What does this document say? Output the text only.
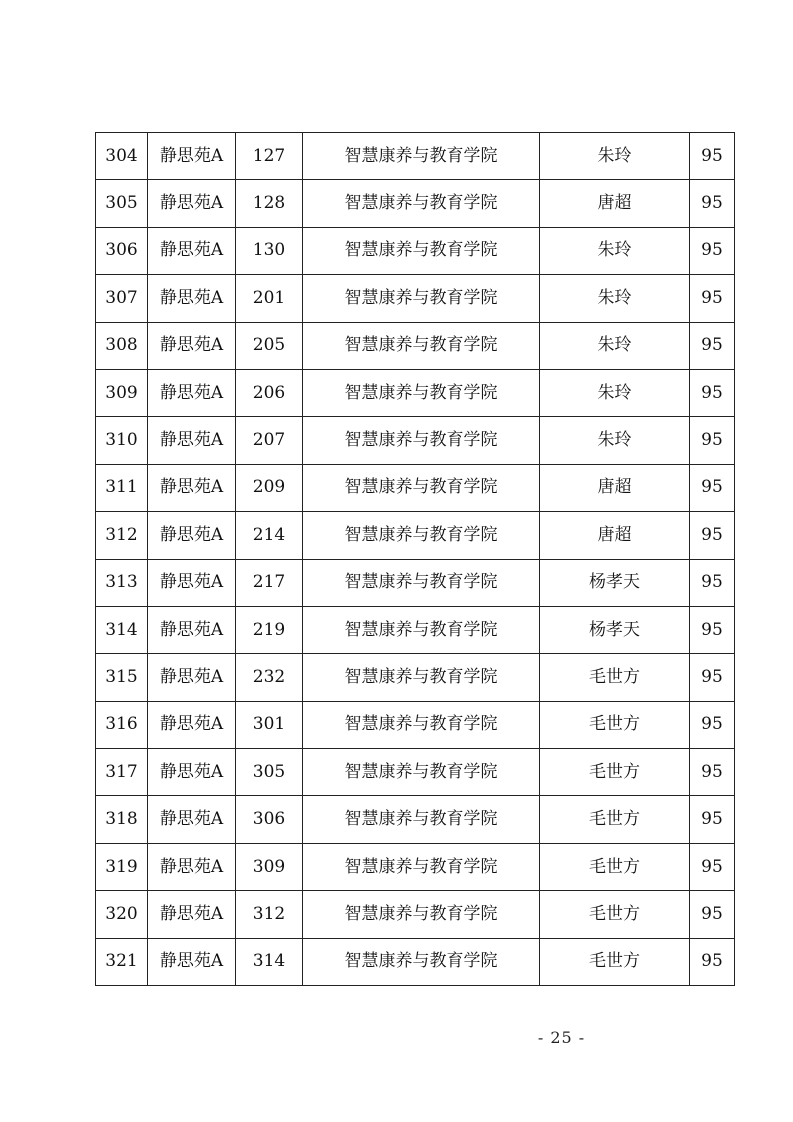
304	静思苑A	127	智慧康养与教育学院	朱玲	95
305	静思苑A	128	智慧康养与教育学院	唐超	95
306	静思苑A	130	智慧康养与教育学院	朱玲	95
307	静思苑A	201	智慧康养与教育学院	朱玲	95
308	静思苑A	205	智慧康养与教育学院	朱玲	95
309	静思苑A	206	智慧康养与教育学院	朱玲	95
310	静思苑A	207	智慧康养与教育学院	朱玲	95
311	静思苑A	209	智慧康养与教育学院	唐超	95
312	静思苑A	214	智慧康养与教育学院	唐超	95
313	静思苑A	217	智慧康养与教育学院	杨孝天	95
314	静思苑A	219	智慧康养与教育学院	杨孝天	95
315	静思苑A	232	智慧康养与教育学院	毛世方	95
316	静思苑A	301	智慧康养与教育学院	毛世方	95
317	静思苑A	305	智慧康养与教育学院	毛世方	95
318	静思苑A	306	智慧康养与教育学院	毛世方	95
319	静思苑A	309	智慧康养与教育学院	毛世方	95
320	静思苑A	312	智慧康养与教育学院	毛世方	95
321	静思苑A	314	智慧康养与教育学院	毛世方	95
- 25 -
